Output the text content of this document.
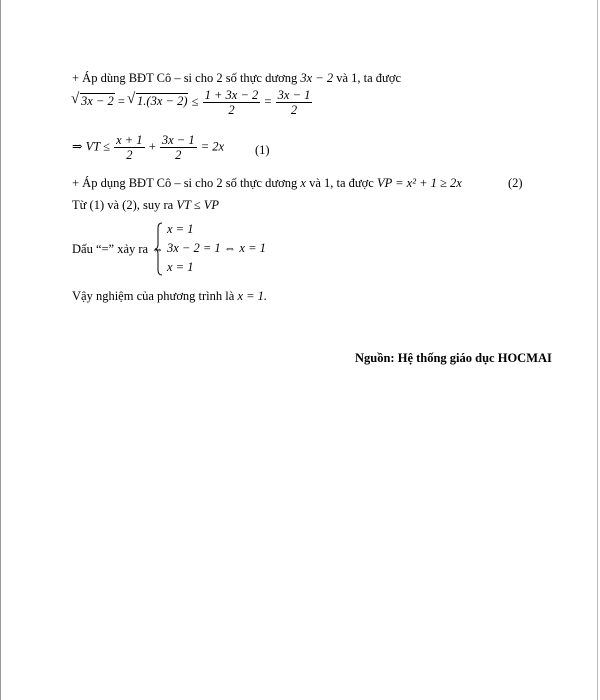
+ Áp dùng BĐT Cô – si cho 2 số thực dương 3x − 2 và 1, ta được
√ 3x − 2 = √ $1.(3x - 2) \le \frac{1 + 3x - 2}{2} = \frac{3x - 1}{2}$
⇒ VT ≤ $\frac{x + 1}{2} + \frac{3x - 1}{2} = 2x$ (1)
+ Áp dụng BĐT Cô – si cho 2 số thực dương x và 1, ta được VP = x² + 1 ≥ 2x	(2)
Từ (1) và (2), suy ra VT ≤ VP
Dấu “=” xảy ra ⇔
x = 1
3x − 2 = 1 ⇔ x = 1
x = 1
Vậy nghiệm của phương trình là x = 1.
Nguồn: Hệ thống giáo dục HOCMAI
